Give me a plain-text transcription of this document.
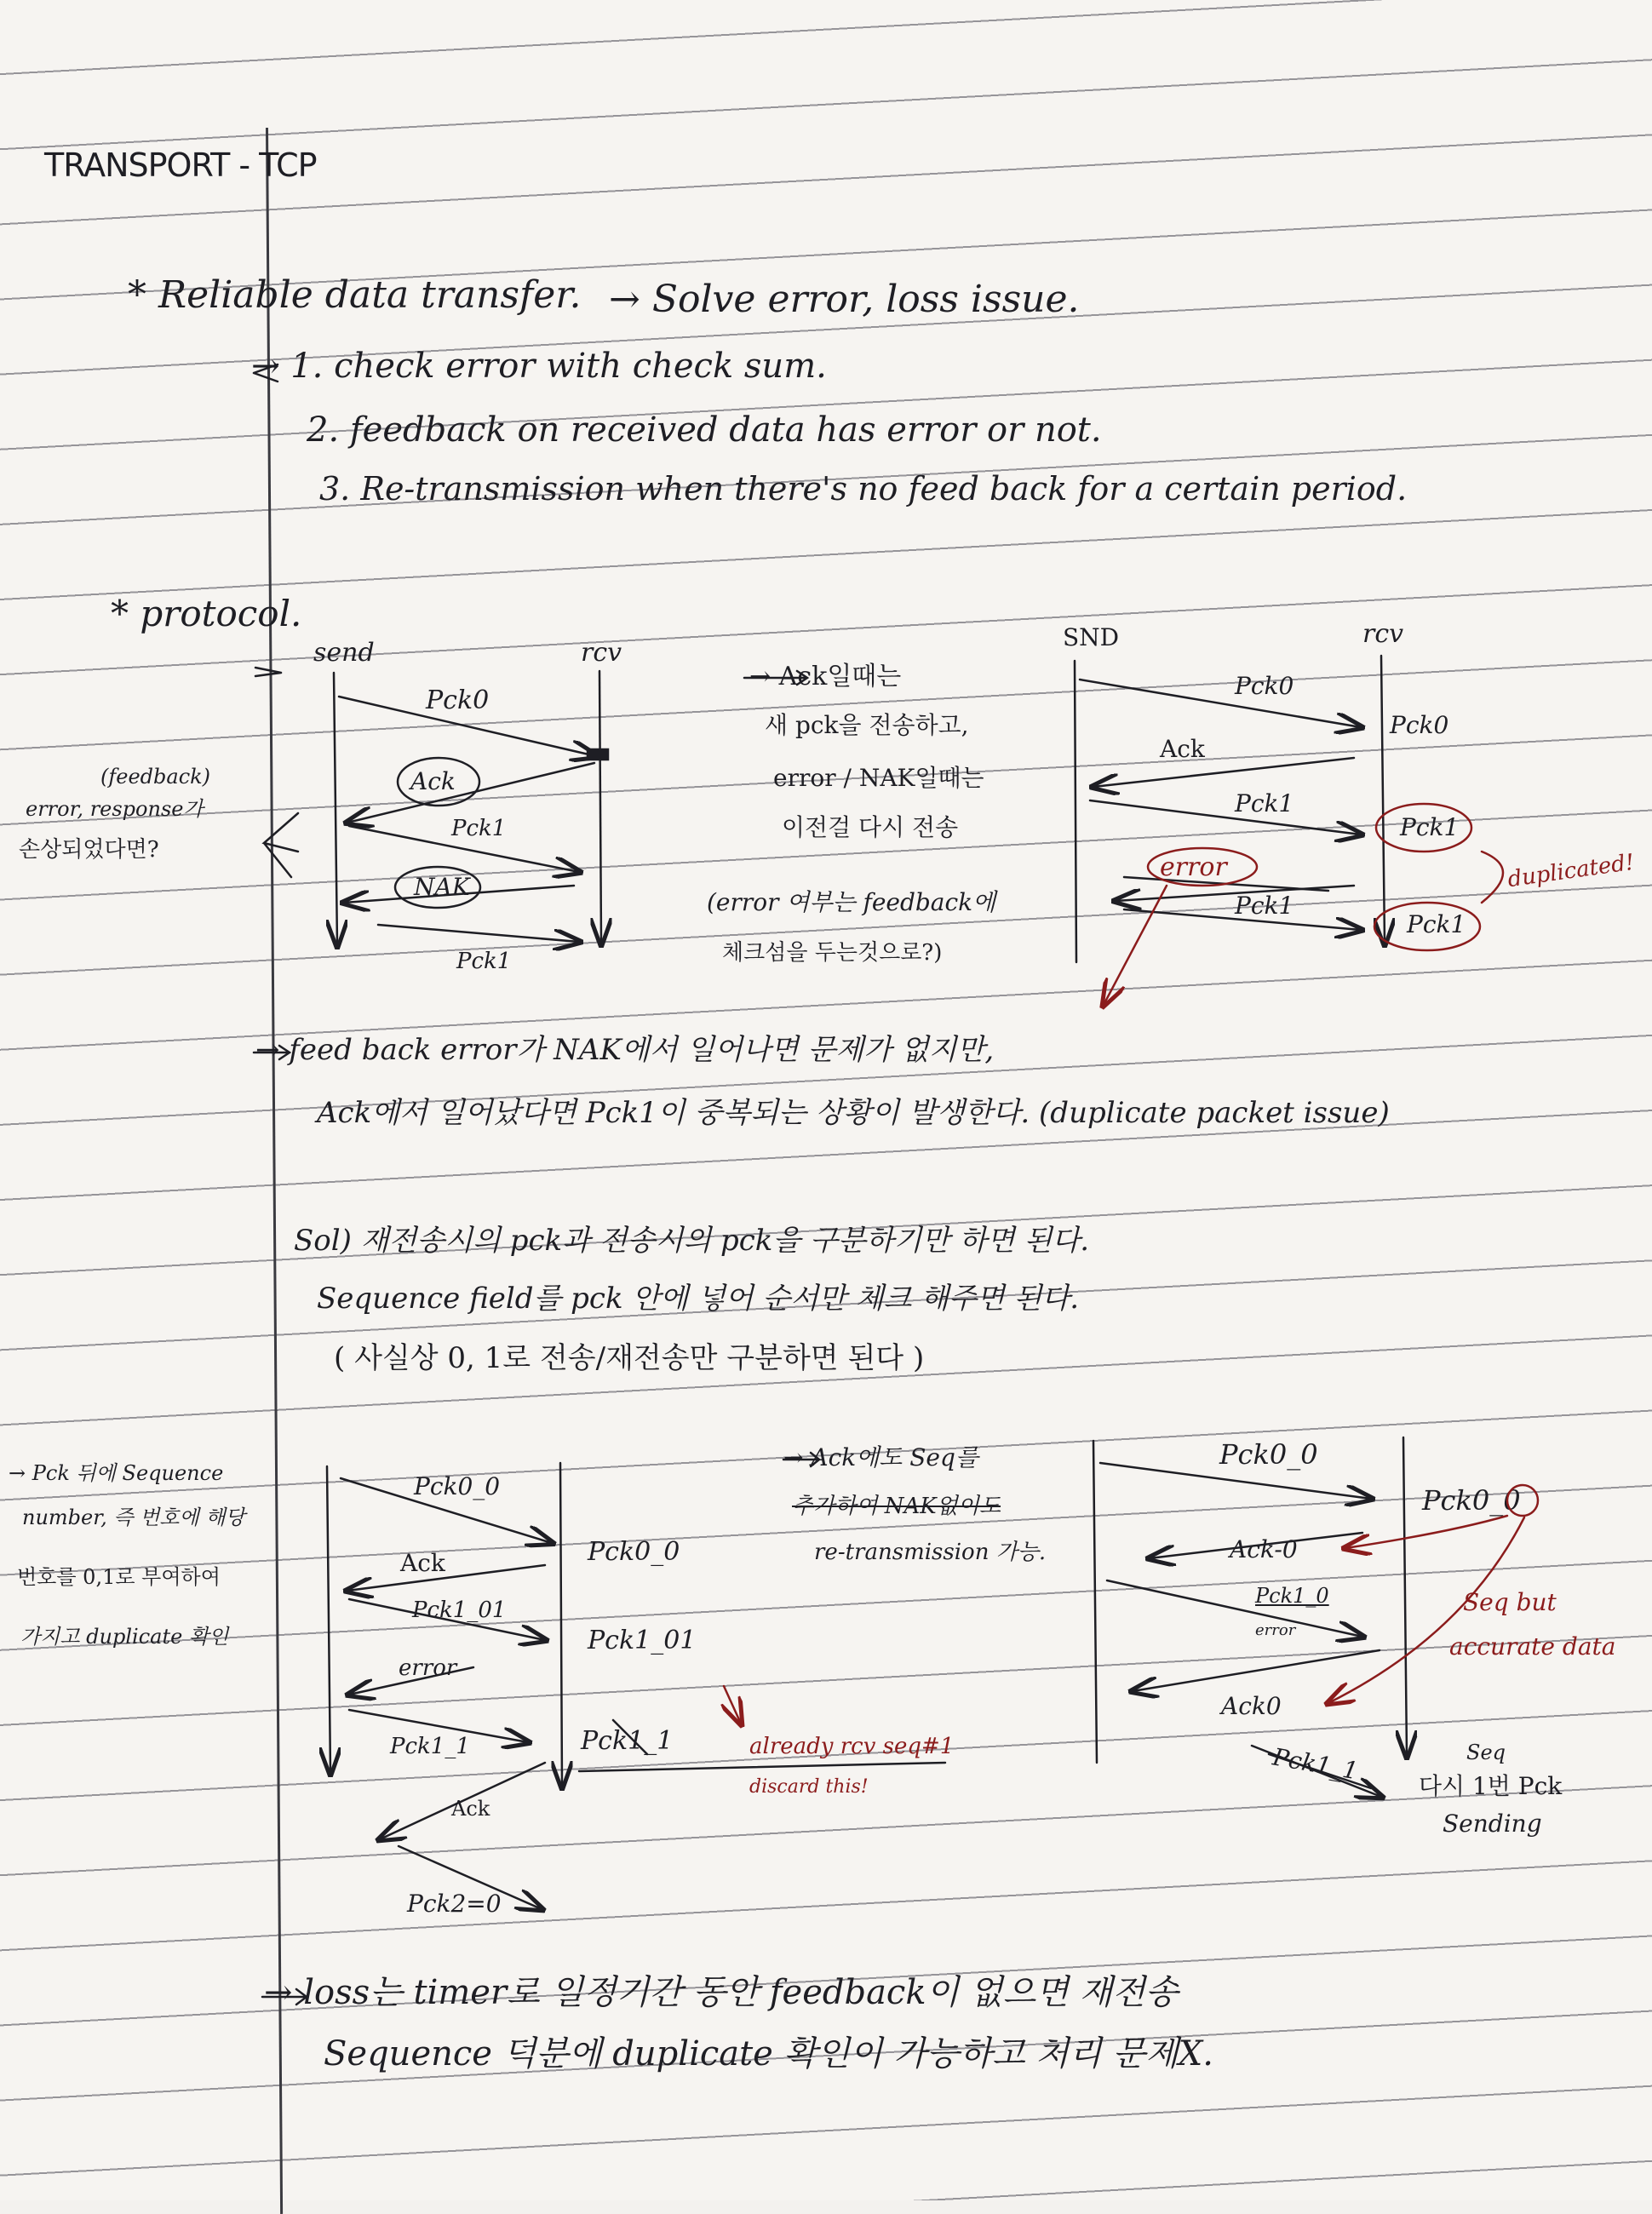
TRANSPORT - TCP
* Reliable data transfer. → Solve error, loss issue.
→ 1. check error with check sum.
2. feedback on received data has error or not.
3. Re-transmission when there's no feed back for a certain period.
* protocol.
send	rcv
(feedback)
error, response가
손상되었다면?
Pck0
Ack
Pck1
NAK
Pck1
→ Ack일때는
새 pck을 전송하고,
error / NAK일때는
이전걸 다시 전송
(error 여부는 feedback에
체크섬을 두는것으로?)
SND	rcv
Pck0
Ack
Pck1
error
Pck1
Pck0
Pck1
Pck1
duplicated!
→ feed back error가 NAK에서 일어나면 문제가 없지만,
Ack에서 일어났다면 Pck1이 중복되는 상황이 발생한다. (duplicate packet issue)
Sol) 재전송시의 pck과 전송시의 pck을 구분하기만 하면 된다.
Sequence field를 pck 안에 넣어 순서만 체크 해주면 된다.
( 사실상 0, 1로 전송/재전송만 구분하면 된다 )
→ Pck 뒤에 Sequence
number, 즉 번호에 해당
번호를 0,1로 부여하여
가지고 duplicate 확인
Pck0_0
Ack
Pck1_01
error
Pck1_1
Ack
Pck2=0
Pck0_0
Pck1_01
Pck1_1	already rcv seq#1
discard this!
→ Ack에도 Seq를
추가하여 NAK없이도
re-transmission 가능.
Pck0_0
Ack-0
Pck1_0
error
Ack0
Pck1_1
Pck0_0
Seq but
accurate data
Seq
다시 1번 Pck
Sending
→ loss는 timer로 일정기간 동안 feedback이 없으면 재전송
Sequence 덕분에 duplicate 확인이 가능하고 처리 문제X.
